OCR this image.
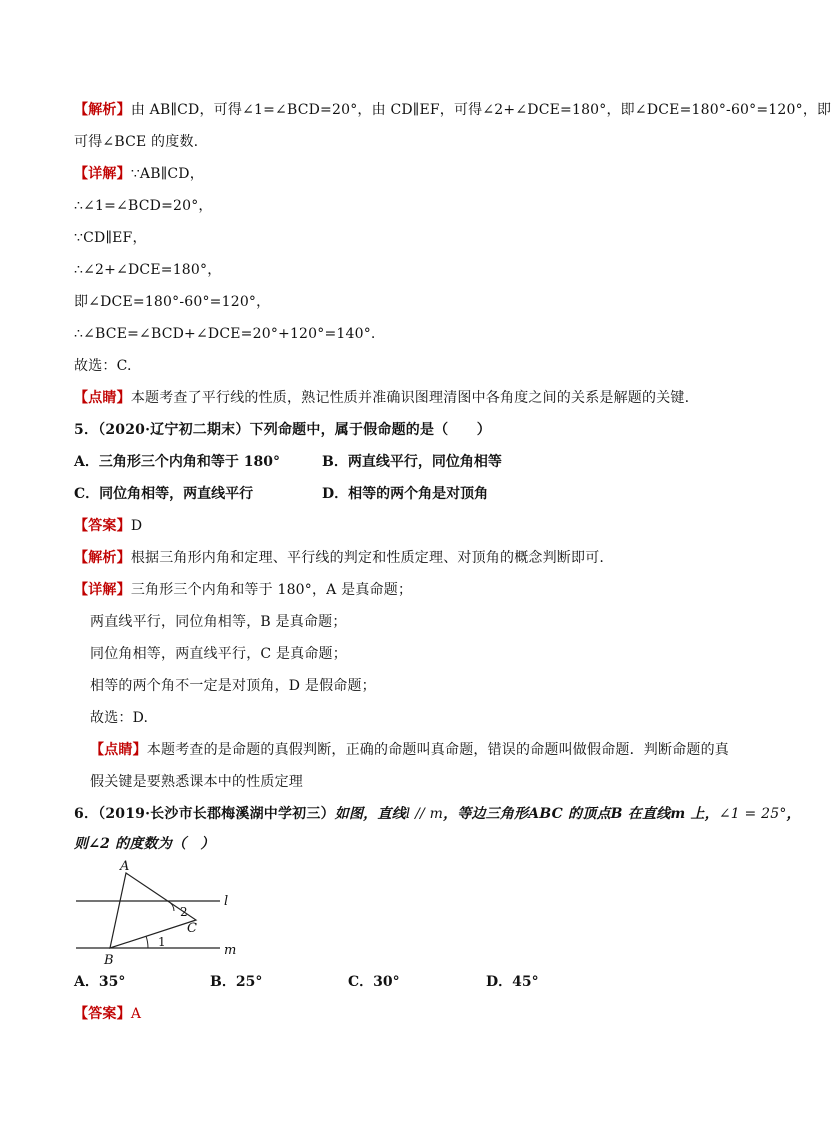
【解析】由 AB∥CD，可得∠1=∠BCD=20°，由 CD∥EF，可得∠2+∠DCE=180°，即∠DCE=180°-60°=120°，即
可得∠BCE 的度数.
【详解】∵AB∥CD，
∴∠1=∠BCD=20°，
∵CD∥EF，
∴∠2+∠DCE=180°，
即∠DCE=180°-60°=120°，
∴∠BCE=∠BCD+∠DCE=20°+120°=140°.
故选：C.
【点睛】本题考查了平行线的性质，熟记性质并准确识图理清图中各角度之间的关系是解题的关键.
5．（2020·辽宁初二期末）下列命题中，属于假命题的是（　　）
A．三角形三个内角和等于 180°	B．两直线平行，同位角相等
C．同位角相等，两直线平行	D．相等的两个角是对顶角
【答案】D
【解析】根据三角形内角和定理、平行线的判定和性质定理、对顶角的概念判断即可.
【详解】三角形三个内角和等于 180°，A 是真命题；
两直线平行，同位角相等，B 是真命题；
同位角相等，两直线平行，C 是真命题；
相等的两个角不一定是对顶角，D 是假命题；
故选：D.
【点睛】本题考查的是命题的真假判断，正确的命题叫真命题，错误的命题叫做假命题．判断命题的真
假关键是要熟悉课本中的性质定理
6．（2019·长沙市长郡梅溪湖中学初三）如图，直线l // m，等边三角形ABC 的顶点B 在直线m 上，∠1 = 25°，
则∠2 的度数为（　）
A
B
C
l
m
1
2
A．35°	B．25°	C．30°	D．45°
【答案】A
